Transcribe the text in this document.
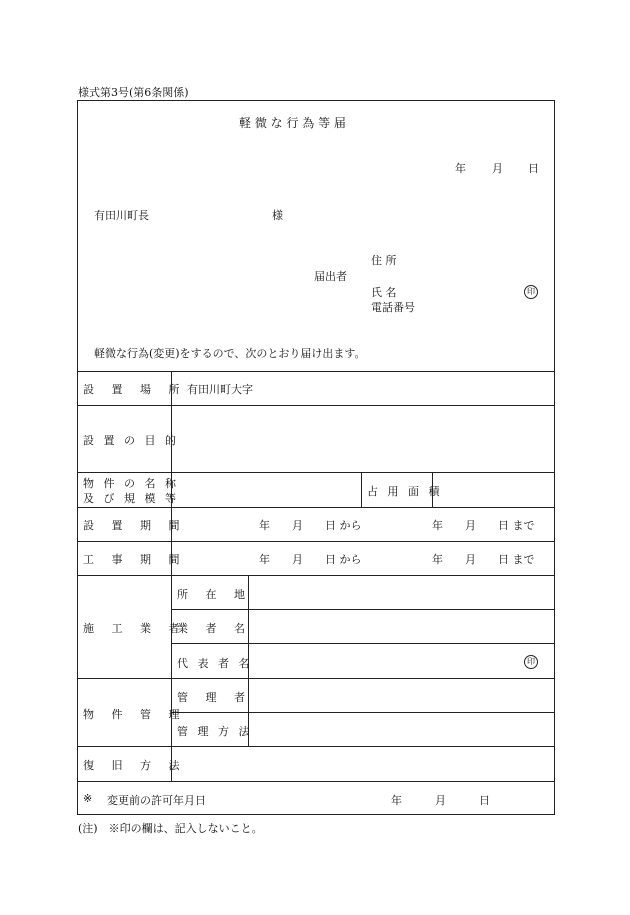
様式第3号(第6条関係)
軽 微 な 行 為 等 届
年 月 日
有田川町長	様
住 所
届出者
氏 名	印
電話番号
軽微な行為(変更)をするので、次のとおり届け出ます。
設 置 場 所 有田川町大字
設 置 の 目 的
物 件 の 名 称
及 び 規 模 等
占 用 面 積
設 置 期 間	年　　月　　日 から	年　　月　　日 まで
工 事 期 間	年　　月　　日 から	年　　月　　日 まで
施 工 業 者
所 在 地
業 者 名
代 表 者 名	印
物 件 管 理
管 理 者
管 理 方 法
復 旧 方 法
※ 変更前の許可年月日	年　　　月　　　日
(注)　※印の欄は、記入しないこと。
